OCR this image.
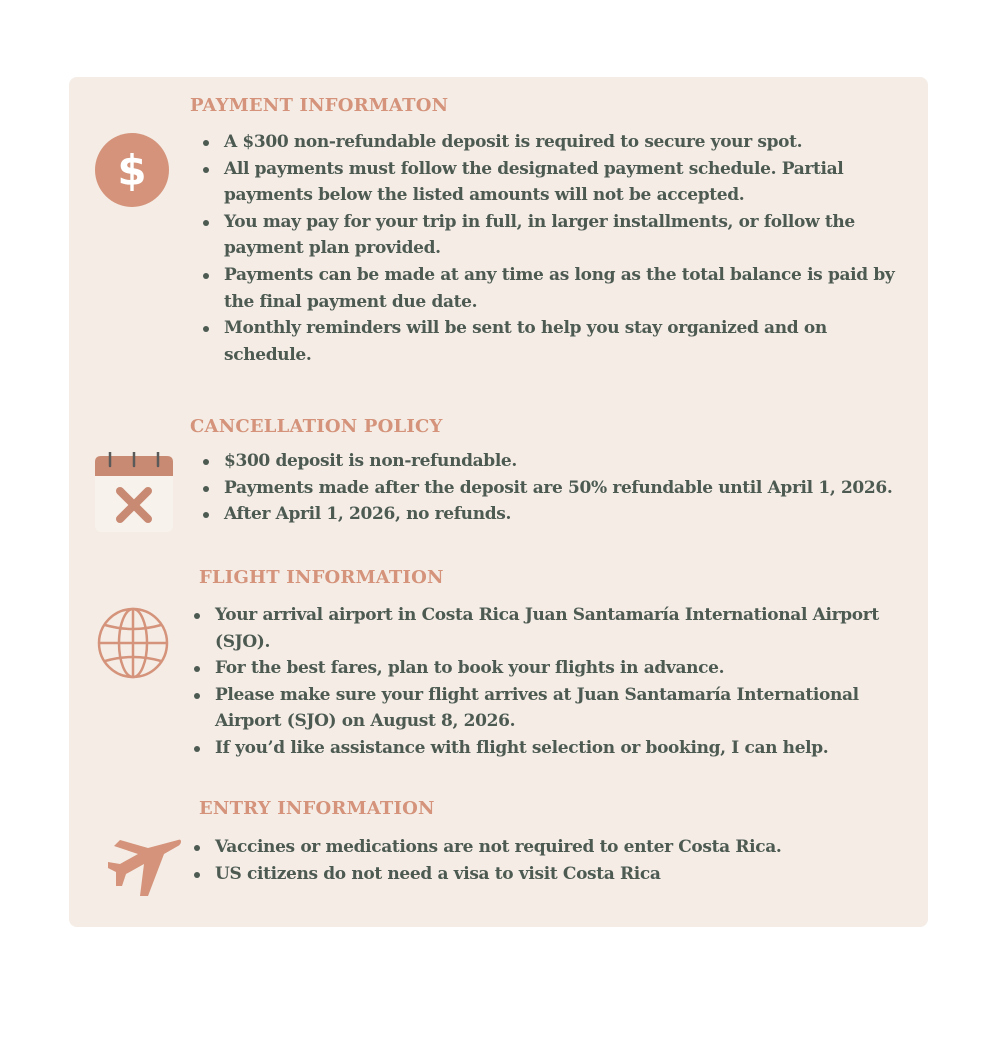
$
PAYMENT INFORMATON
A $300 non-refundable deposit is required to secure your spot.
All payments must follow the designated payment schedule. Partial payments below the listed amounts will not be accepted.
You may pay for your trip in full, in larger installments, or follow the payment plan provided.
Payments can be made at any time as long as the total balance is paid by the final payment due date.
Monthly reminders will be sent to help you stay organized and on schedule.
CANCELLATION POLICY
$300 deposit is non-refundable.
Payments made after the deposit are 50% refundable until April 1, 2026.
After April 1, 2026, no refunds.
FLIGHT INFORMATION
Your arrival airport in Costa Rica Juan Santamaría International Airport (SJO).
For the best fares, plan to book your flights in advance.
Please make sure your flight arrives at Juan Santamaría International Airport (SJO) on August 8, 2026.
If you’d like assistance with flight selection or booking, I can help.
ENTRY INFORMATION
Vaccines or medications are not required to enter Costa Rica.
US citizens do not need a visa to visit Costa Rica
